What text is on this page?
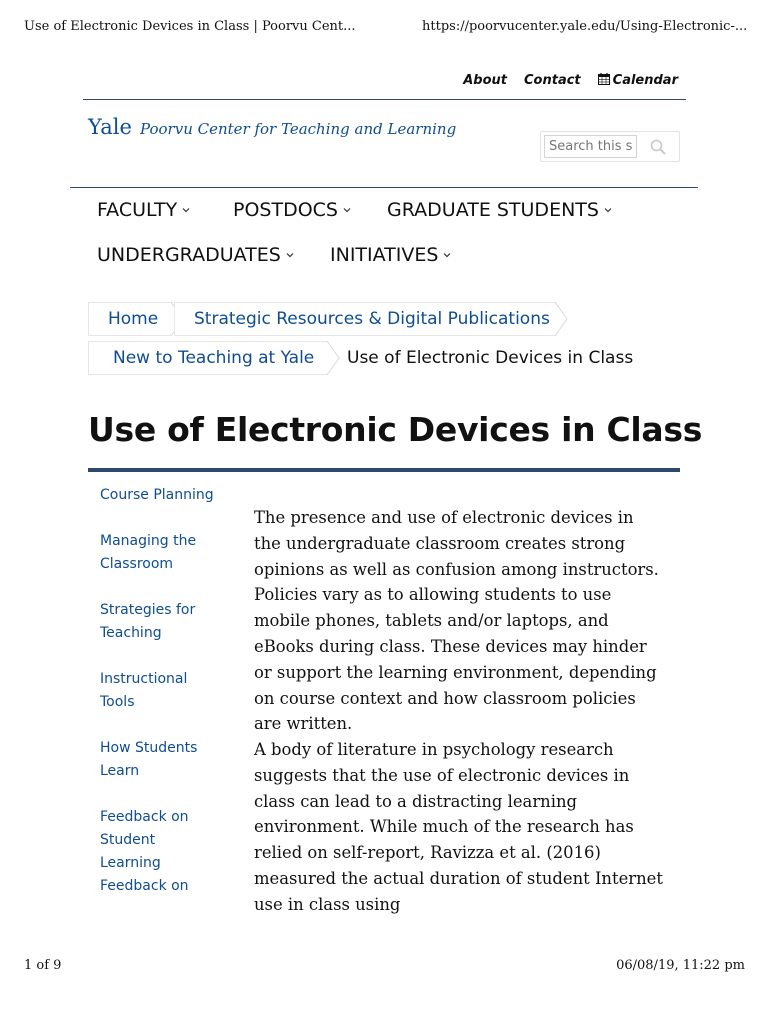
Use of Electronic Devices in Class | Poorvu Cent...	https://poorvucenter.yale.edu/Using-Electronic-...
About Contact Calendar
Yale Poorvu Center for Teaching and Learning
Search this site
FACULTY	POSTDOCS	GRADUATE STUDENTS
UNDERGRADUATES	INITIATIVES
Home	Strategic Resources & Digital Publications
New to Teaching at Yale	Use of Electronic Devices in Class
Use of Electronic Devices in Class
Course Planning
Managing the Classroom
Strategies for Teaching
Instructional Tools
How Students Learn
Feedback on Student Learning
Feedback on

The presence and use of electronic devices in the undergraduate classroom creates strong opinions as well as confusion among instructors. Policies vary as to allowing students to use mobile phones, tablets and/or laptops, and eBooks during class. These devices may hinder or support the learning environment, depending on course context and how classroom policies are written.

A body of literature in psychology research suggests that the use of electronic devices in class can lead to a distracting learning environment. While much of the research has relied on self-report, Ravizza et al. (2016) measured the actual duration of student Internet use in class using

1 of 9	06/08/19, 11:22 pm
